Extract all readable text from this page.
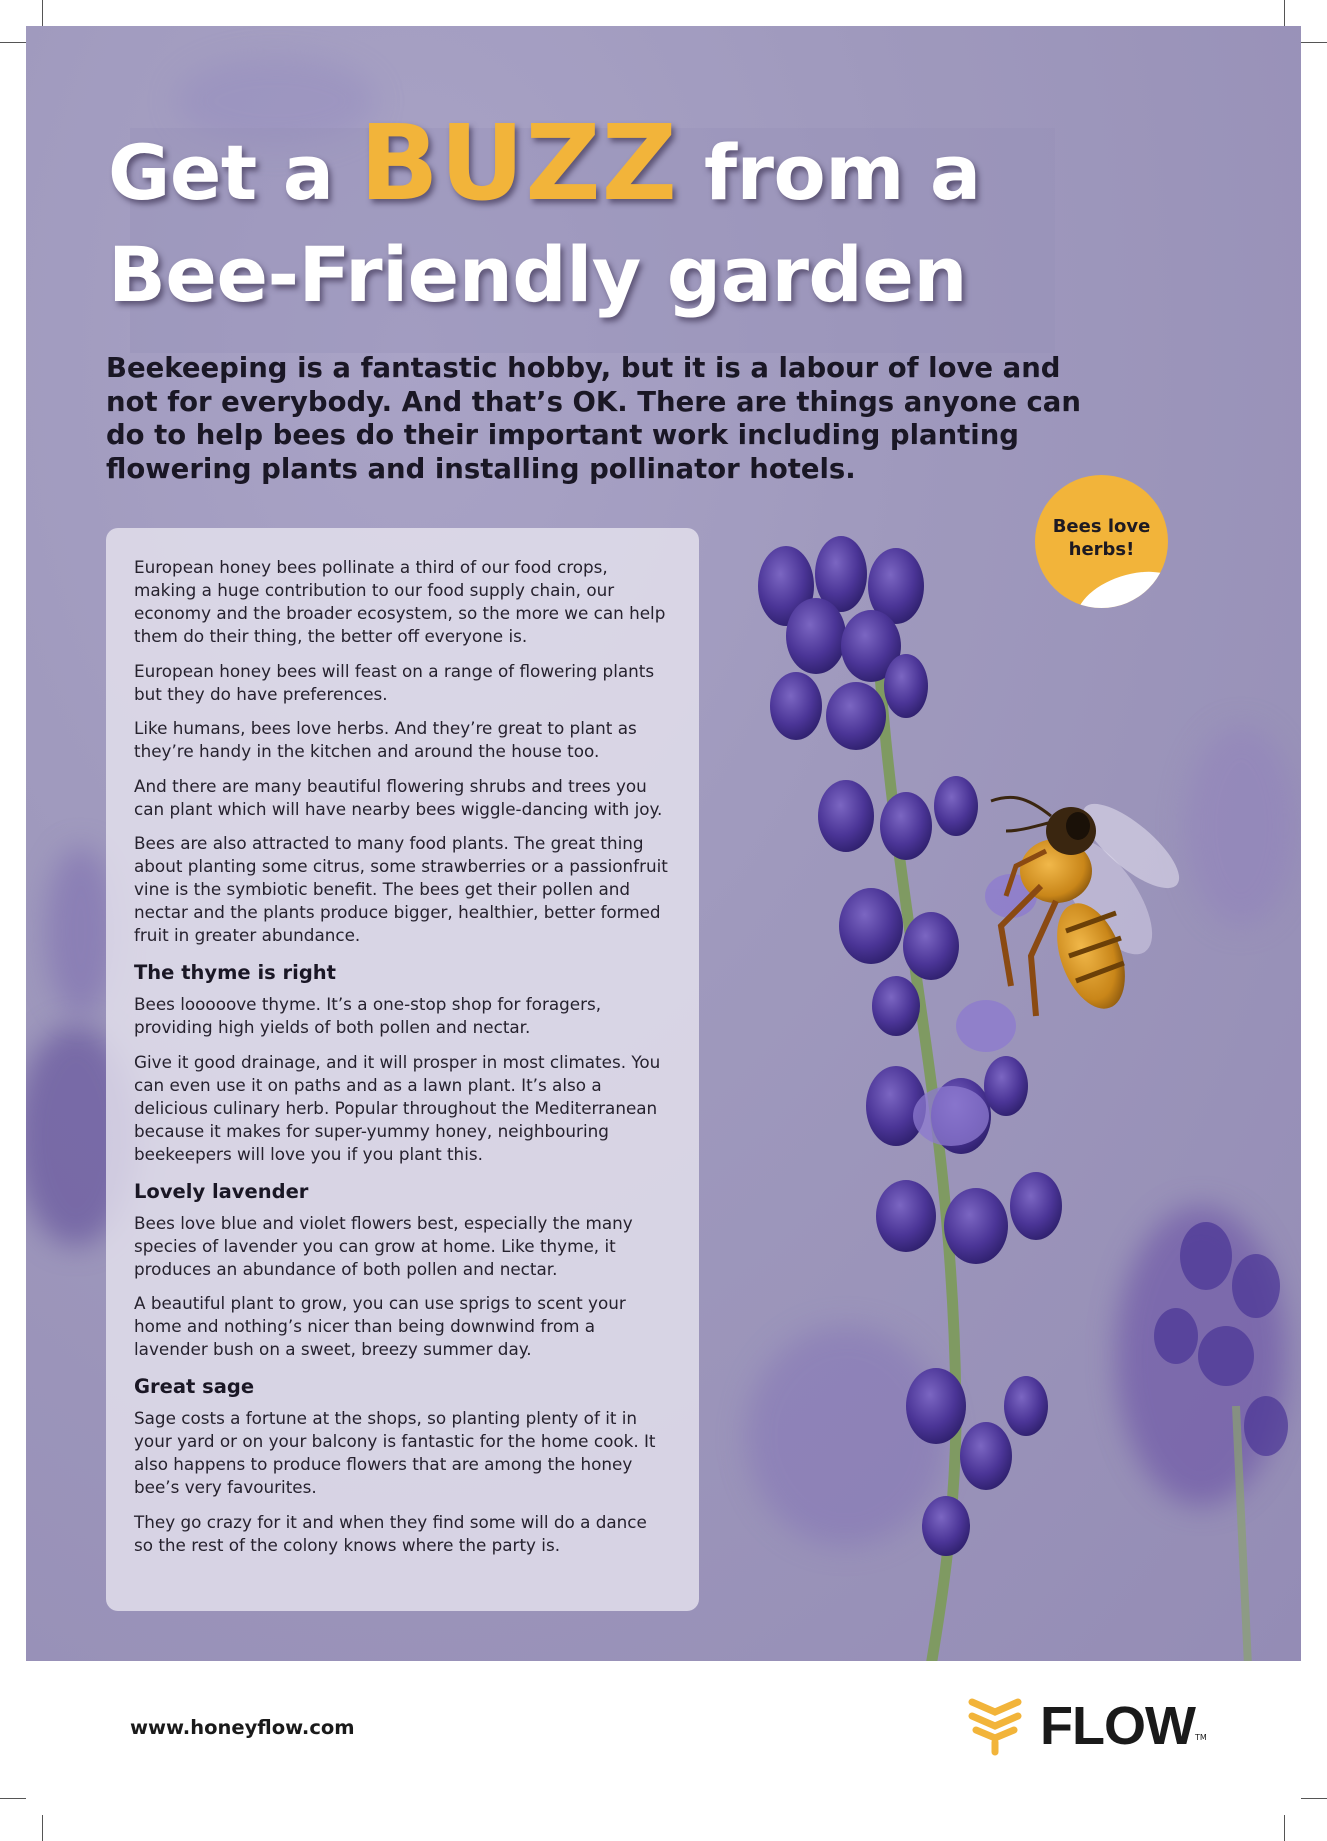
Get a BUZZ from a
Bee-Friendly garden

Beekeeping is a fantastic hobby, but it is a labour of love and not for everybody. And that’s OK. There are things anyone can do to help bees do their important work including planting flowering plants and installing pollinator hotels.

Bees love
herbs!

European honey bees pollinate a third of our food crops, making a huge contribution to our food supply chain, our economy and the broader ecosystem, so the more we can help them do their thing, the better off everyone is.

European honey bees will feast on a range of flowering plants but they do have preferences.

Like humans, bees love herbs. And they’re great to plant as they’re handy in the kitchen and around the house too.

And there are many beautiful flowering shrubs and trees you can plant which will have nearby bees wiggle-dancing with joy.

Bees are also attracted to many food plants. The great thing about planting some citrus, some strawberries or a passionfruit vine is the symbiotic benefit. The bees get their pollen and nectar and the plants produce bigger, healthier, better formed fruit in greater abundance.

The thyme is right

Bees looooove thyme. It’s a one-stop shop for foragers, providing high yields of both pollen and nectar.

Give it good drainage, and it will prosper in most climates. You can even use it on paths and as a lawn plant. It’s also a delicious culinary herb. Popular throughout the Mediterranean because it makes for super-yummy honey, neighbouring beekeepers will love you if you plant this.

Lovely lavender

Bees love blue and violet flowers best, especially the many species of lavender you can grow at home. Like thyme, it produces an abundance of both pollen and nectar.

A beautiful plant to grow, you can use sprigs to scent your home and nothing’s nicer than being downwind from a lavender bush on a sweet, breezy summer day.

Great sage

Sage costs a fortune at the shops, so planting plenty of it in your yard or on your balcony is fantastic for the home cook. It also happens to produce flowers that are among the honey bee’s very favourites.

They go crazy for it and when they find some will do a dance so the rest of the colony knows where the party is.

www.honeyflow.com	FLOW TM
